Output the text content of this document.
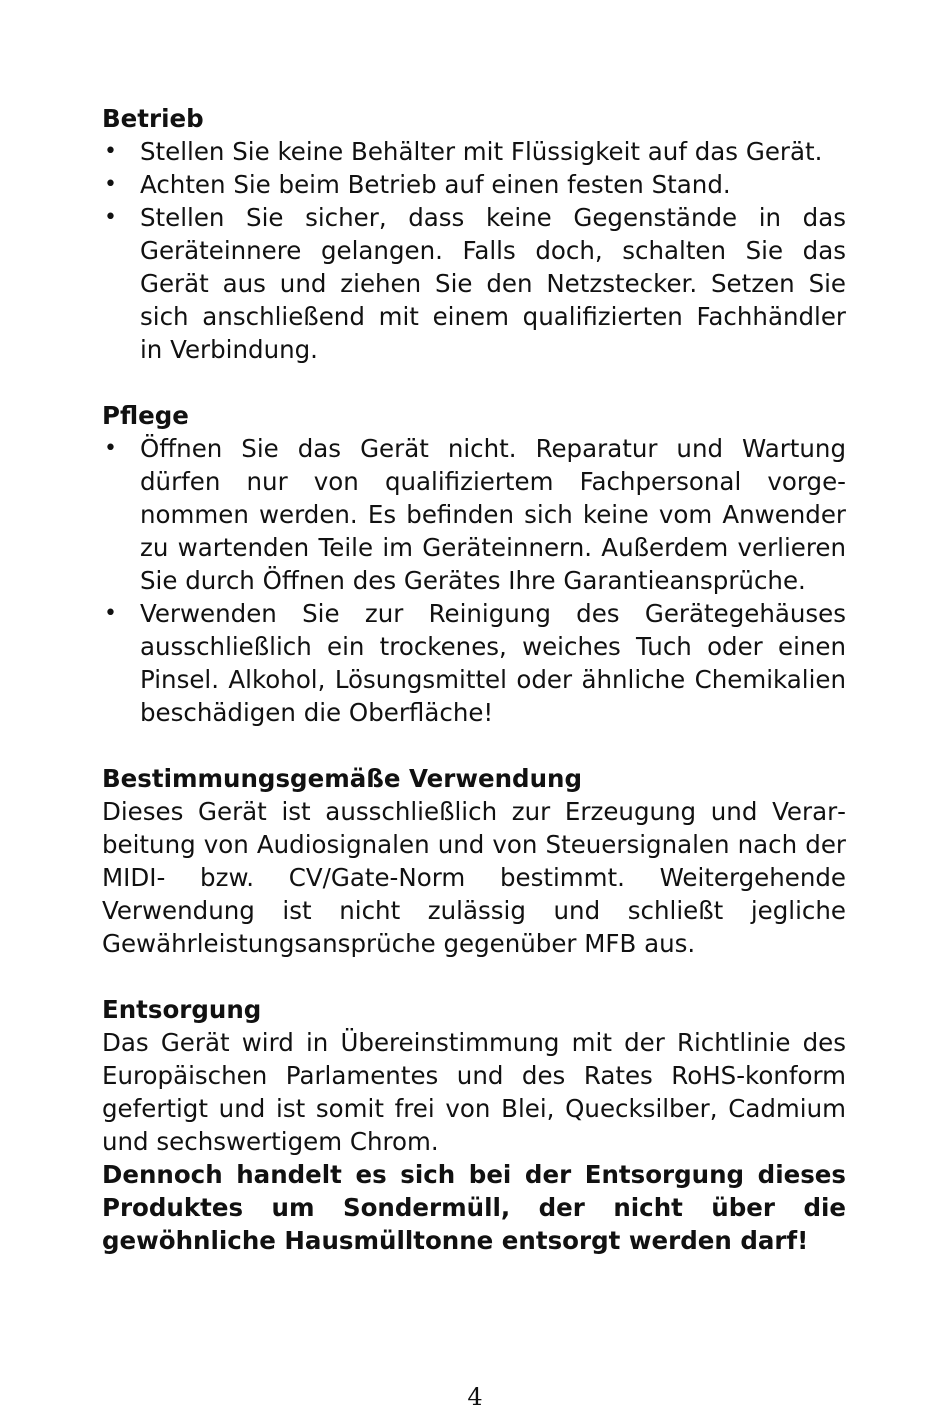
Betrieb

• Stellen Sie keine Behälter mit Flüssigkeit auf das Gerät.
• Achten Sie beim Betrieb auf einen festen Stand.
• Stellen Sie sicher, dass keine Gegenstände in das Geräteinnere gelangen. Falls doch, schalten Sie das Gerät aus und ziehen Sie den Netzstecker. Setzen Sie sich anschließend mit einem qualifizierten Fachhändler in Verbindung.

Pflege

• Öffnen Sie das Gerät nicht. Reparatur und Wartung dürfen nur von qualifiziertem Fachpersonal vorgenommen werden. Es befinden sich keine vom Anwender zu wartenden Teile im Geräteinnern. Außerdem verlieren Sie durch Öffnen des Gerätes Ihre Garantieansprüche.
• Verwenden Sie zur Reinigung des Gerätegehäuses ausschließlich ein trockenes, weiches Tuch oder einen Pinsel. Alkohol, Lösungsmittel oder ähnliche Chemikalien beschädigen die Oberfläche!

Bestimmungsgemäße Verwendung

Dieses Gerät ist ausschließlich zur Erzeugung und Verarbeitung von Audiosignalen und von Steuersignalen nach der MIDI- bzw. CV/Gate-Norm bestimmt. Weitergehende Verwendung ist nicht zulässig und schließt jegliche Gewährleistungsansprüche gegenüber MFB aus.

Entsorgung

Das Gerät wird in Übereinstimmung mit der Richtlinie des Europäischen Parlamentes und des Rates RoHS-konform gefertigt und ist somit frei von Blei, Quecksilber, Cadmium und sechswertigem Chrom.

Dennoch handelt es sich bei der Entsorgung dieses Produktes um Sondermüll, der nicht über die gewöhnliche Hausmülltonne entsorgt werden darf!

4
